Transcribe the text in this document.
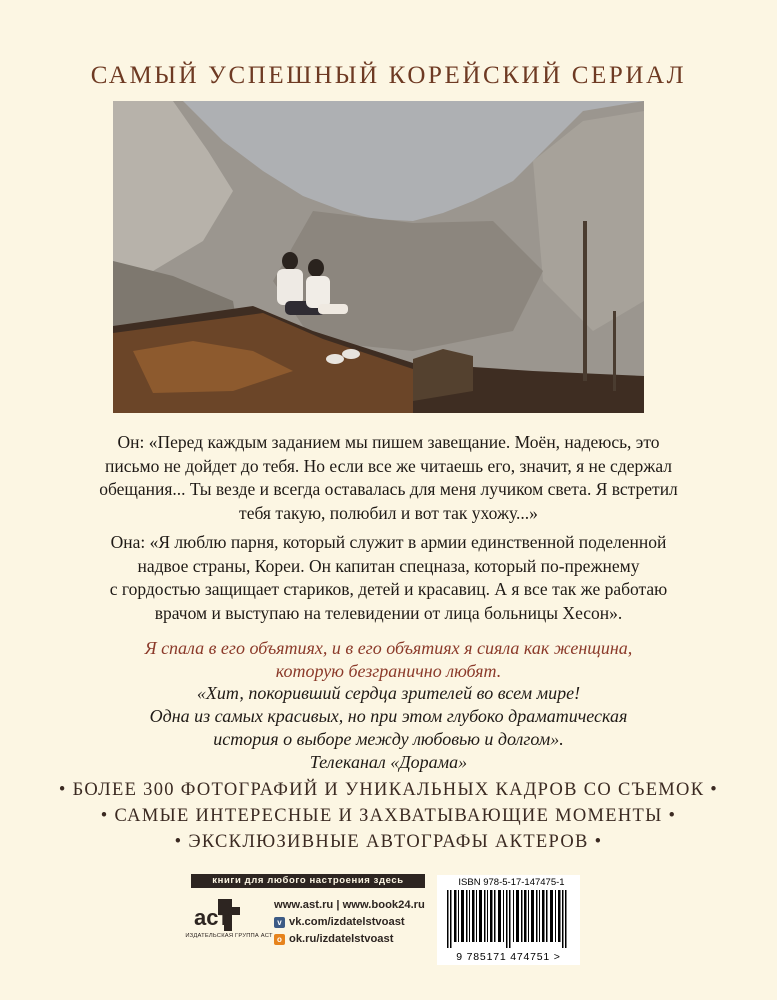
САМЫЙ УСПЕШНЫЙ КОРЕЙСКИЙ СЕРИАЛ
Он: «Перед каждым заданием мы пишем завещание. Моён, надеюсь, это
письмо не дойдет до тебя. Но если все же читаешь его, значит, я не сдержал
обещания... Ты везде и всегда оставалась для меня лучиком света. Я встретил
тебя такую, полюбил и вот так ухожу...»
Она: «Я люблю парня, который служит в армии единственной поделенной
надвое страны, Кореи. Он капитан спецназа, который по-прежнему
с гордостью защищает стариков, детей и красавиц. А я все так же работаю
врачом и выступаю на телевидении от лица больницы Хесон».
Я спала в его объятиях, и в его объятиях я сияла как женщина,
которую безгранично любят.
«Хит, покоривший сердца зрителей во всем мире!
Одна из самых красивых, но при этом глубоко драматическая
история о выборе между любовью и долгом».
Телеканал «Дорама»
• БОЛЕЕ 300 ФОТОГРАФИЙ И УНИКАЛЬНЫХ КАДРОВ СО СЪЕМОК •
• САМЫЕ ИНТЕРЕСНЫЕ И ЗАХВАТЫВАЮЩИЕ МОМЕНТЫ •
• ЭКСКЛЮЗИВНЫЕ АВТОГРАФЫ АКТЕРОВ •
книги для любого настроения здесь
аст
ИЗДАТЕЛЬСКАЯ ГРУППА АСТ
www.ast.ru | www.book24.ru
v vk.com/izdatelstvoast
o ok.ru/izdatelstvoast
ISBN 978-5-17-147475-1
9 785171 474751 >
